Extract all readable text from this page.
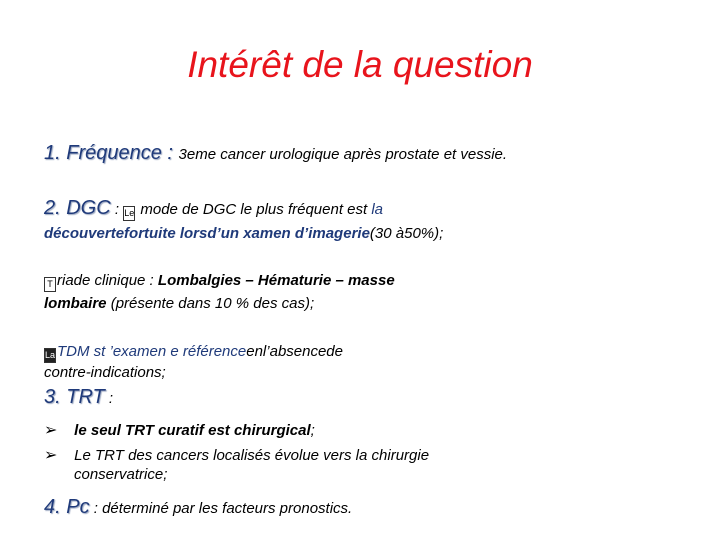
Intérêt de la question
1. Fréquence : 3eme cancer urologique après prostate et vessie.
2. DGC : Le mode de DGC le plus fréquent est la
découvertefortuite lorsd’un xamen d’imagerie(30 à50%);
T riade clinique : Lombalgies – Hématurie – masse
lombaire (présente dans 10 % des cas);
La TDM st ’examen e référenceenl’absencede
contre-indications;
3. TRT :
➢ le seul TRT curatif est chirurgical;
➢ Le TRT des cancers localisés évolue vers la chirurgie
conservatrice;
4. Pc : déterminé par les facteurs pronostics.
